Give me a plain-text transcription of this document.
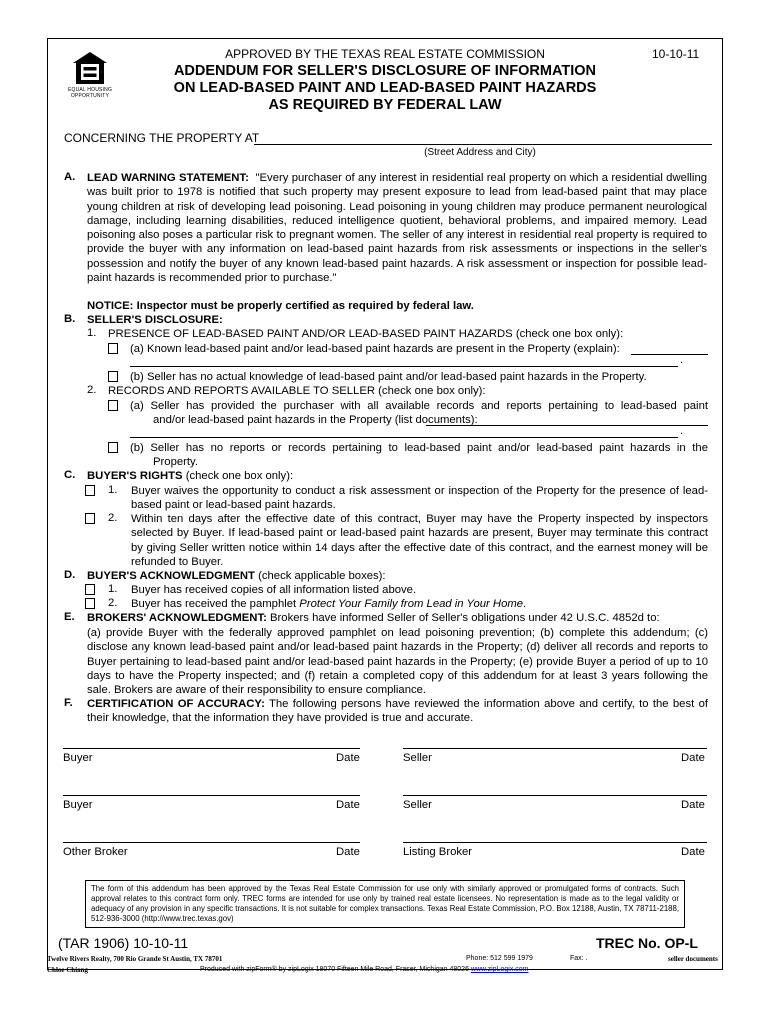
EQUAL HOUSING
OPPORTUNITY
APPROVED BY THE TEXAS REAL ESTATE COMMISSION	10-10-11
ADDENDUM FOR SELLER'S DISCLOSURE OF INFORMATION
ON LEAD-BASED PAINT AND LEAD-BASED PAINT HAZARDS
AS REQUIRED BY FEDERAL LAW
CONCERNING THE PROPERTY AT
(Street Address and City)
A. LEAD WARNING STATEMENT: "Every purchaser of any interest in residential real property on which a residential dwelling was built prior to 1978 is notified that such property may present exposure to lead from lead-based paint that may place young children at risk of developing lead poisoning. Lead poisoning in young children may produce permanent neurological damage, including learning disabilities, reduced intelligence quotient, behavioral problems, and impaired memory. Lead poisoning also poses a particular risk to pregnant women. The seller of any interest in residential real property is required to provide the buyer with any information on lead-based paint hazards from risk assessments or inspections in the seller's possession and notify the buyer of any known lead-based paint hazards. A risk assessment or inspection for possible lead-paint hazards is recommended prior to purchase."
NOTICE: Inspector must be properly certified as required by federal law.
B. SELLER'S DISCLOSURE:
1. PRESENCE OF LEAD-BASED PAINT AND/OR LEAD-BASED PAINT HAZARDS (check one box only):
(a) Known lead-based paint and/or lead-based paint hazards are present in the Property (explain):
.
(b) Seller has no actual knowledge of lead-based paint and/or lead-based paint hazards in the Property.
2. RECORDS AND REPORTS AVAILABLE TO SELLER (check one box only):
(a) Seller has provided the purchaser with all available records and reports pertaining to lead-based paint
and/or lead-based paint hazards in the Property (list documents):
.
(b) Seller has no reports or records pertaining to lead-based paint and/or lead-based paint hazards in the
Property.
C. BUYER'S RIGHTS (check one box only):
1. Buyer waives the opportunity to conduct a risk assessment or inspection of the Property for the presence of lead-based paint or lead-based paint hazards.
2. Within ten days after the effective date of this contract, Buyer may have the Property inspected by inspectors selected by Buyer. If lead-based paint or lead-based paint hazards are present, Buyer may terminate this contract by giving Seller written notice within 14 days after the effective date of this contract, and the earnest money will be refunded to Buyer.
D. BUYER'S ACKNOWLEDGMENT (check applicable boxes):
1. Buyer has received copies of all information listed above.
2. Buyer has received the pamphlet Protect Your Family from Lead in Your Home.
E. BROKERS' ACKNOWLEDGMENT: Brokers have informed Seller of Seller's obligations under 42 U.S.C. 4852d to:
(a) provide Buyer with the federally approved pamphlet on lead poisoning prevention; (b) complete this addendum; (c) disclose any known lead-based paint and/or lead-based paint hazards in the Property; (d) deliver all records and reports to Buyer pertaining to lead-based paint and/or lead-based paint hazards in the Property; (e) provide Buyer a period of up to 10 days to have the Property inspected; and (f) retain a completed copy of this addendum for at least 3 years following the sale. Brokers are aware of their responsibility to ensure compliance.
F. CERTIFICATION OF ACCURACY: The following persons have reviewed the information above and certify, to the best of their knowledge, that the information they have provided is true and accurate.
Buyer	Date	Seller	Date
Buyer	Date	Seller	Date
Other Broker	Date	Listing Broker	Date
The form of this addendum has been approved by the Texas Real Estate Commission for use only with similarly approved or promulgated forms of contracts. Such approval relates to this contract form only. TREC forms are intended for use only by trained real estate licensees. No representation is made as to the legal validity or adequacy of any provision in any specific transactions. It is not suitable for complex transactions. Texas Real Estate Commission, P.O. Box 12188, Austin, TX 78711-2188, 512-936-3000 (http://www.trec.texas.gov)
(TAR 1906) 10-10-11	TREC No. OP-L
Twelve Rivers Realty, 700 Rio Grande St Austin, TX 78701	Phone: 512 599 1979	Fax: .	seller documents
Chloe Chiang	Produced with zipForm® by zipLogix 18070 Fifteen Mile Road, Fraser, Michigan 48026 www.zipLogix.com
